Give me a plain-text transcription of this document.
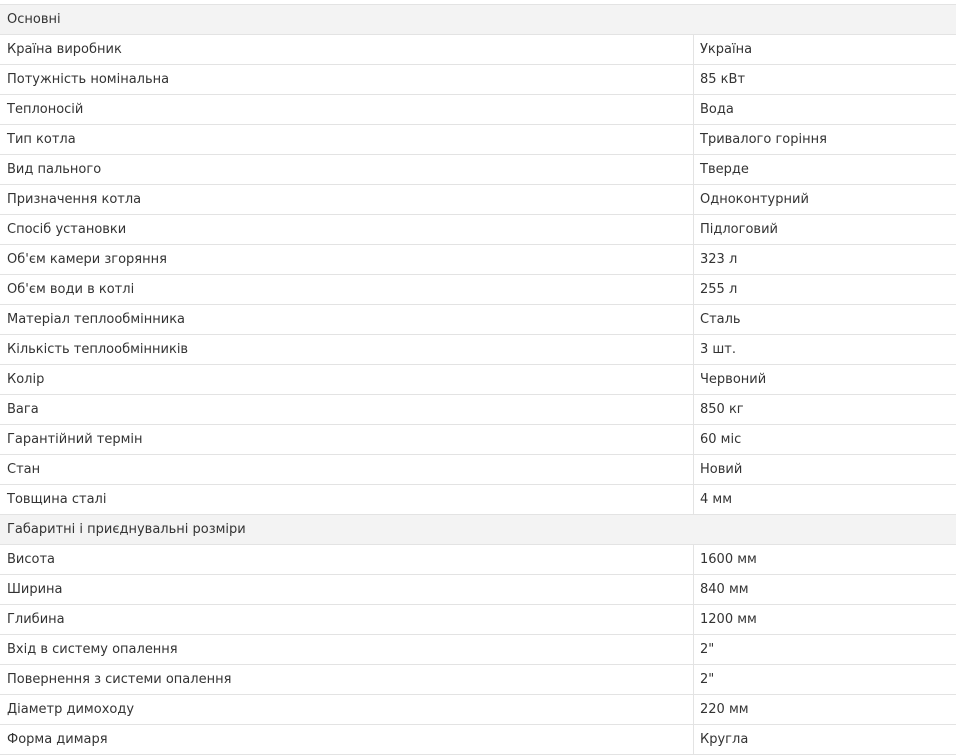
Основні
Країна виробник	Україна
Потужність номінальна	85 кВт
Теплоносій	Вода
Тип котла	Тривалого горіння
Вид пального	Тверде
Призначення котла	Одноконтурний
Спосіб установки	Підлоговий
Об'єм камери згоряння	323 л
Об'єм води в котлі	255 л
Матеріал теплообмінника	Сталь
Кількість теплообмінників	3 шт.
Колір	Червоний
Вага	850 кг
Гарантійний термін	60 міс
Стан	Новий
Товщина сталі	4 мм
Габаритні і приєднувальні розміри
Висота	1600 мм
Ширина	840 мм
Глибина	1200 мм
Вхід в систему опалення	2"
Повернення з системи опалення	2"
Діаметр димоходу	220 мм
Форма димаря	Кругла
